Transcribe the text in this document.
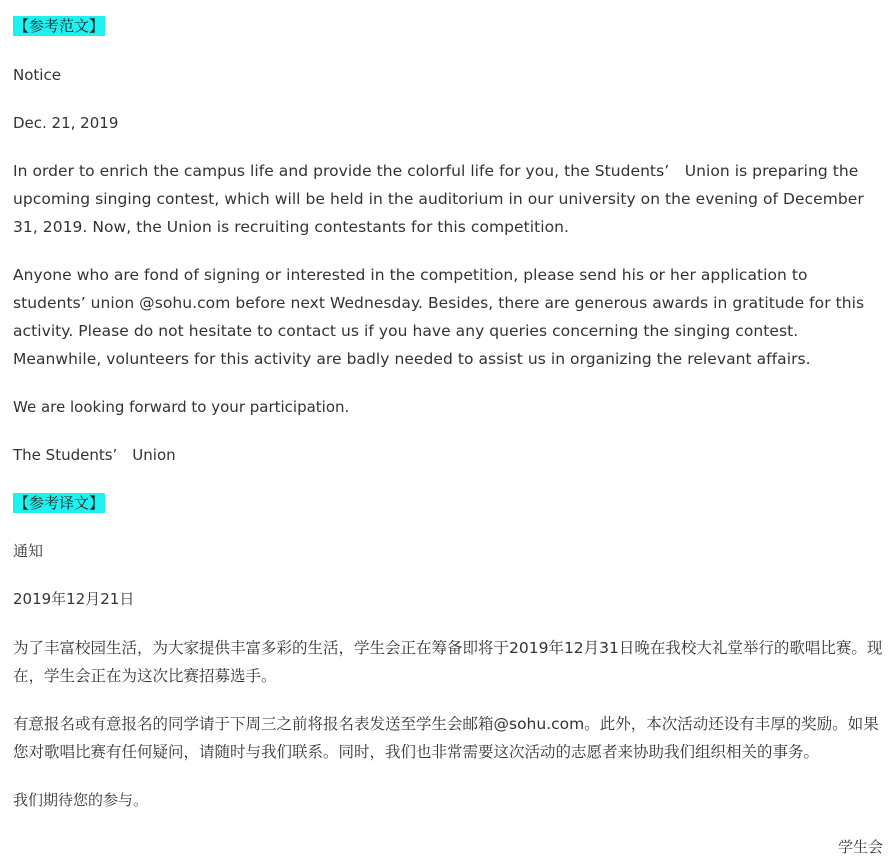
【参考范文】
Notice
Dec. 21, 2019

In order to enrich the campus life and provide the colorful life for you, the Students’　Union is preparing the upcoming singing contest, which will be held in the auditorium in our university on the evening of December 31, 2019. Now, the Union is recruiting contestants for this competition.

Anyone who are fond of signing or interested in the competition, please send his or her application to students’ union @sohu.com before next Wednesday. Besides, there are generous awards in gratitude for this activity. Please do not hesitate to contact us if you have any queries concerning the singing contest. Meanwhile, volunteers for this activity are badly needed to assist us in organizing the relevant affairs.

We are looking forward to your participation.
The Students’　Union
【参考译文】
通知
2019年12月21日

为了丰富校园生活，为大家提供丰富多彩的生活，学生会正在筹备即将于2019年12月31日晚在我校大礼堂举行的歌唱比赛。现在，学生会正在为这次比赛招募选手。

有意报名或有意报名的同学请于下周三之前将报名表发送至学生会邮箱@sohu.com。此外，本次活动还设有丰厚的奖励。如果您对歌唱比赛有任何疑问，请随时与我们联系。同时，我们也非常需要这次活动的志愿者来协助我们组织相关的事务。

我们期待您的参与。
学生会
